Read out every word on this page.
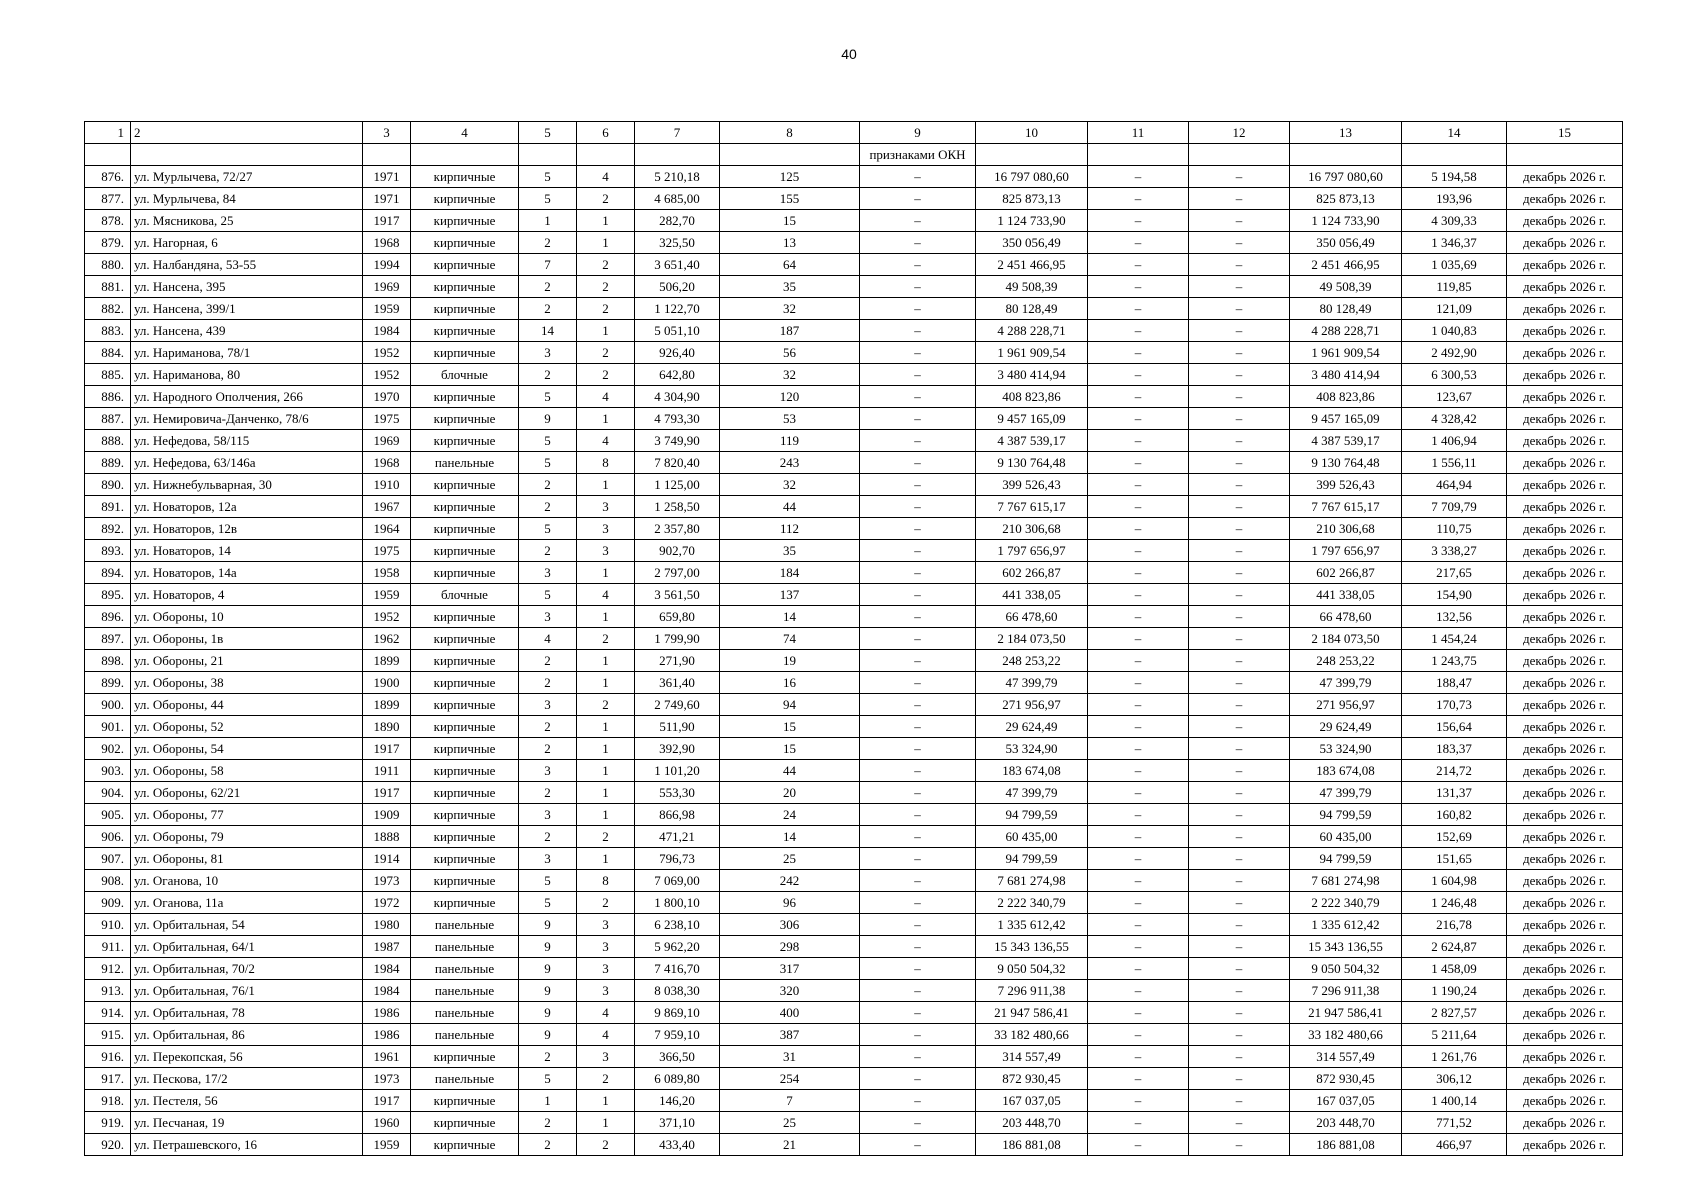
40
1	2	3	4	5	6	7	8	9	10	11	12	13	14	15
								признаками ОКН						
876.	ул. Мурлычева, 72/27	1971	кирпичные	5	4	5 210,18	125	–	16 797 080,60	–	–	16 797 080,60	5 194,58	декабрь 2026 г.
877.	ул. Мурлычева, 84	1971	кирпичные	5	2	4 685,00	155	–	825 873,13	–	–	825 873,13	193,96	декабрь 2026 г.
878.	ул. Мясникова, 25	1917	кирпичные	1	1	282,70	15	–	1 124 733,90	–	–	1 124 733,90	4 309,33	декабрь 2026 г.
879.	ул. Нагорная, 6	1968	кирпичные	2	1	325,50	13	–	350 056,49	–	–	350 056,49	1 346,37	декабрь 2026 г.
880.	ул. Налбандяна, 53-55	1994	кирпичные	7	2	3 651,40	64	–	2 451 466,95	–	–	2 451 466,95	1 035,69	декабрь 2026 г.
881.	ул. Нансена, 395	1969	кирпичные	2	2	506,20	35	–	49 508,39	–	–	49 508,39	119,85	декабрь 2026 г.
882.	ул. Нансена, 399/1	1959	кирпичные	2	2	1 122,70	32	–	80 128,49	–	–	80 128,49	121,09	декабрь 2026 г.
883.	ул. Нансена, 439	1984	кирпичные	14	1	5 051,10	187	–	4 288 228,71	–	–	4 288 228,71	1 040,83	декабрь 2026 г.
884.	ул. Нариманова, 78/1	1952	кирпичные	3	2	926,40	56	–	1 961 909,54	–	–	1 961 909,54	2 492,90	декабрь 2026 г.
885.	ул. Нариманова, 80	1952	блочные	2	2	642,80	32	–	3 480 414,94	–	–	3 480 414,94	6 300,53	декабрь 2026 г.
886.	ул. Народного Ополчения, 266	1970	кирпичные	5	4	4 304,90	120	–	408 823,86	–	–	408 823,86	123,67	декабрь 2026 г.
887.	ул. Немировича-Данченко, 78/6	1975	кирпичные	9	1	4 793,30	53	–	9 457 165,09	–	–	9 457 165,09	4 328,42	декабрь 2026 г.
888.	ул. Нефедова, 58/115	1969	кирпичные	5	4	3 749,90	119	–	4 387 539,17	–	–	4 387 539,17	1 406,94	декабрь 2026 г.
889.	ул. Нефедова, 63/146а	1968	панельные	5	8	7 820,40	243	–	9 130 764,48	–	–	9 130 764,48	1 556,11	декабрь 2026 г.
890.	ул. Нижнебульварная, 30	1910	кирпичные	2	1	1 125,00	32	–	399 526,43	–	–	399 526,43	464,94	декабрь 2026 г.
891.	ул. Новаторов, 12а	1967	кирпичные	2	3	1 258,50	44	–	7 767 615,17	–	–	7 767 615,17	7 709,79	декабрь 2026 г.
892.	ул. Новаторов, 12в	1964	кирпичные	5	3	2 357,80	112	–	210 306,68	–	–	210 306,68	110,75	декабрь 2026 г.
893.	ул. Новаторов, 14	1975	кирпичные	2	3	902,70	35	–	1 797 656,97	–	–	1 797 656,97	3 338,27	декабрь 2026 г.
894.	ул. Новаторов, 14а	1958	кирпичные	3	1	2 797,00	184	–	602 266,87	–	–	602 266,87	217,65	декабрь 2026 г.
895.	ул. Новаторов, 4	1959	блочные	5	4	3 561,50	137	–	441 338,05	–	–	441 338,05	154,90	декабрь 2026 г.
896.	ул. Обороны, 10	1952	кирпичные	3	1	659,80	14	–	66 478,60	–	–	66 478,60	132,56	декабрь 2026 г.
897.	ул. Обороны, 1в	1962	кирпичные	4	2	1 799,90	74	–	2 184 073,50	–	–	2 184 073,50	1 454,24	декабрь 2026 г.
898.	ул. Обороны, 21	1899	кирпичные	2	1	271,90	19	–	248 253,22	–	–	248 253,22	1 243,75	декабрь 2026 г.
899.	ул. Обороны, 38	1900	кирпичные	2	1	361,40	16	–	47 399,79	–	–	47 399,79	188,47	декабрь 2026 г.
900.	ул. Обороны, 44	1899	кирпичные	3	2	2 749,60	94	–	271 956,97	–	–	271 956,97	170,73	декабрь 2026 г.
901.	ул. Обороны, 52	1890	кирпичные	2	1	511,90	15	–	29 624,49	–	–	29 624,49	156,64	декабрь 2026 г.
902.	ул. Обороны, 54	1917	кирпичные	2	1	392,90	15	–	53 324,90	–	–	53 324,90	183,37	декабрь 2026 г.
903.	ул. Обороны, 58	1911	кирпичные	3	1	1 101,20	44	–	183 674,08	–	–	183 674,08	214,72	декабрь 2026 г.
904.	ул. Обороны, 62/21	1917	кирпичные	2	1	553,30	20	–	47 399,79	–	–	47 399,79	131,37	декабрь 2026 г.
905.	ул. Обороны, 77	1909	кирпичные	3	1	866,98	24	–	94 799,59	–	–	94 799,59	160,82	декабрь 2026 г.
906.	ул. Обороны, 79	1888	кирпичные	2	2	471,21	14	–	60 435,00	–	–	60 435,00	152,69	декабрь 2026 г.
907.	ул. Обороны, 81	1914	кирпичные	3	1	796,73	25	–	94 799,59	–	–	94 799,59	151,65	декабрь 2026 г.
908.	ул. Оганова, 10	1973	кирпичные	5	8	7 069,00	242	–	7 681 274,98	–	–	7 681 274,98	1 604,98	декабрь 2026 г.
909.	ул. Оганова, 11а	1972	кирпичные	5	2	1 800,10	96	–	2 222 340,79	–	–	2 222 340,79	1 246,48	декабрь 2026 г.
910.	ул. Орбитальная, 54	1980	панельные	9	3	6 238,10	306	–	1 335 612,42	–	–	1 335 612,42	216,78	декабрь 2026 г.
911.	ул. Орбитальная, 64/1	1987	панельные	9	3	5 962,20	298	–	15 343 136,55	–	–	15 343 136,55	2 624,87	декабрь 2026 г.
912.	ул. Орбитальная, 70/2	1984	панельные	9	3	7 416,70	317	–	9 050 504,32	–	–	9 050 504,32	1 458,09	декабрь 2026 г.
913.	ул. Орбитальная, 76/1	1984	панельные	9	3	8 038,30	320	–	7 296 911,38	–	–	7 296 911,38	1 190,24	декабрь 2026 г.
914.	ул. Орбитальная, 78	1986	панельные	9	4	9 869,10	400	–	21 947 586,41	–	–	21 947 586,41	2 827,57	декабрь 2026 г.
915.	ул. Орбитальная, 86	1986	панельные	9	4	7 959,10	387	–	33 182 480,66	–	–	33 182 480,66	5 211,64	декабрь 2026 г.
916.	ул. Перекопская, 56	1961	кирпичные	2	3	366,50	31	–	314 557,49	–	–	314 557,49	1 261,76	декабрь 2026 г.
917.	ул. Пескова, 17/2	1973	панельные	5	2	6 089,80	254	–	872 930,45	–	–	872 930,45	306,12	декабрь 2026 г.
918.	ул. Пестеля, 56	1917	кирпичные	1	1	146,20	7	–	167 037,05	–	–	167 037,05	1 400,14	декабрь 2026 г.
919.	ул. Песчаная, 19	1960	кирпичные	2	1	371,10	25	–	203 448,70	–	–	203 448,70	771,52	декабрь 2026 г.
920.	ул. Петрашевского, 16	1959	кирпичные	2	2	433,40	21	–	186 881,08	–	–	186 881,08	466,97	декабрь 2026 г.
